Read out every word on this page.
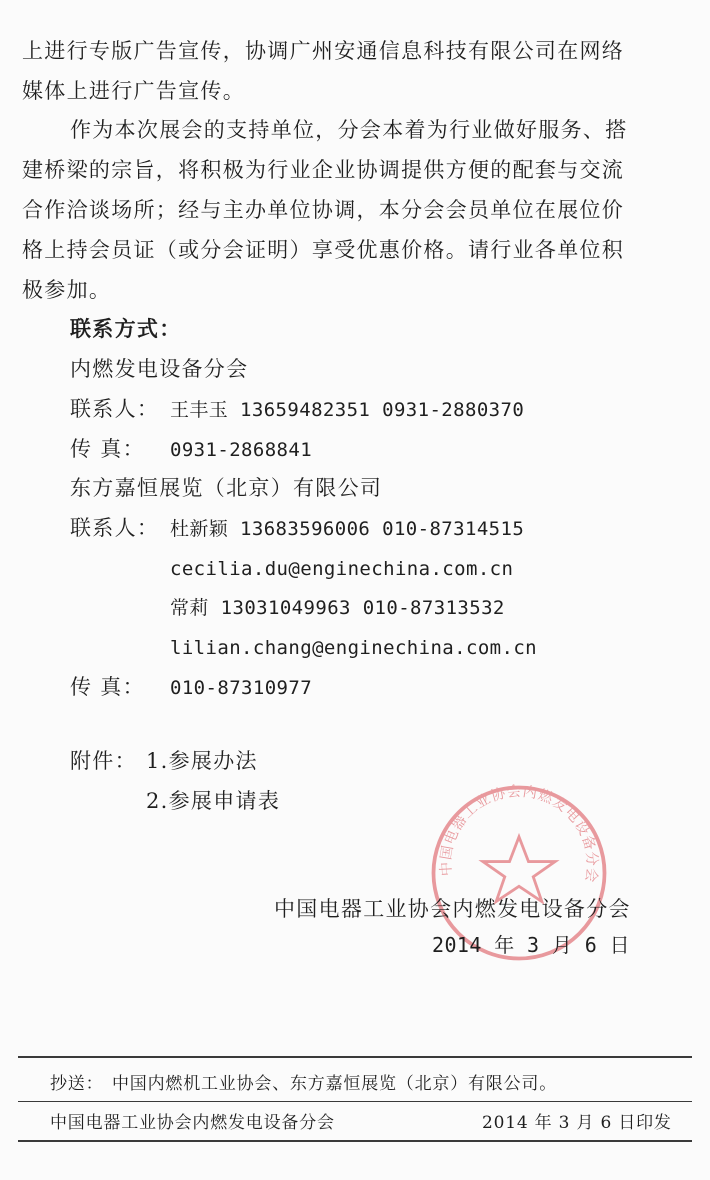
上进行专版广告宣传，协调广州安通信息科技有限公司在网络
媒体上进行广告宣传。
作为本次展会的支持单位，分会本着为行业做好服务、搭
建桥梁的宗旨，将积极为行业企业协调提供方便的配套与交流
合作洽谈场所；经与主办单位协调，本分会会员单位在展位价
格上持会员证（或分会证明）享受优惠价格。请行业各单位积
极参加。
联系方式：
内燃发电设备分会
联系人： 王丰玉 13659482351 0931-2880370
传 真： 0931-2868841
东方嘉恒展览（北京）有限公司
联系人： 杜新颖 13683596006 010-87314515
cecilia.du@enginechina.com.cn
常莉 13031049963 010-87313532
lilian.chang@enginechina.com.cn
传 真： 010-87310977
附件： 1.参展办法
2.参展申请表
中国电器工业协会内燃发电设备分会
中国电器工业协会内燃发电设备分会
2014 年 3 月 6 日
抄送： 中国内燃机工业协会、东方嘉恒展览（北京）有限公司。
中国电器工业协会内燃发电设备分会	2014 年 3 月 6 日印发
